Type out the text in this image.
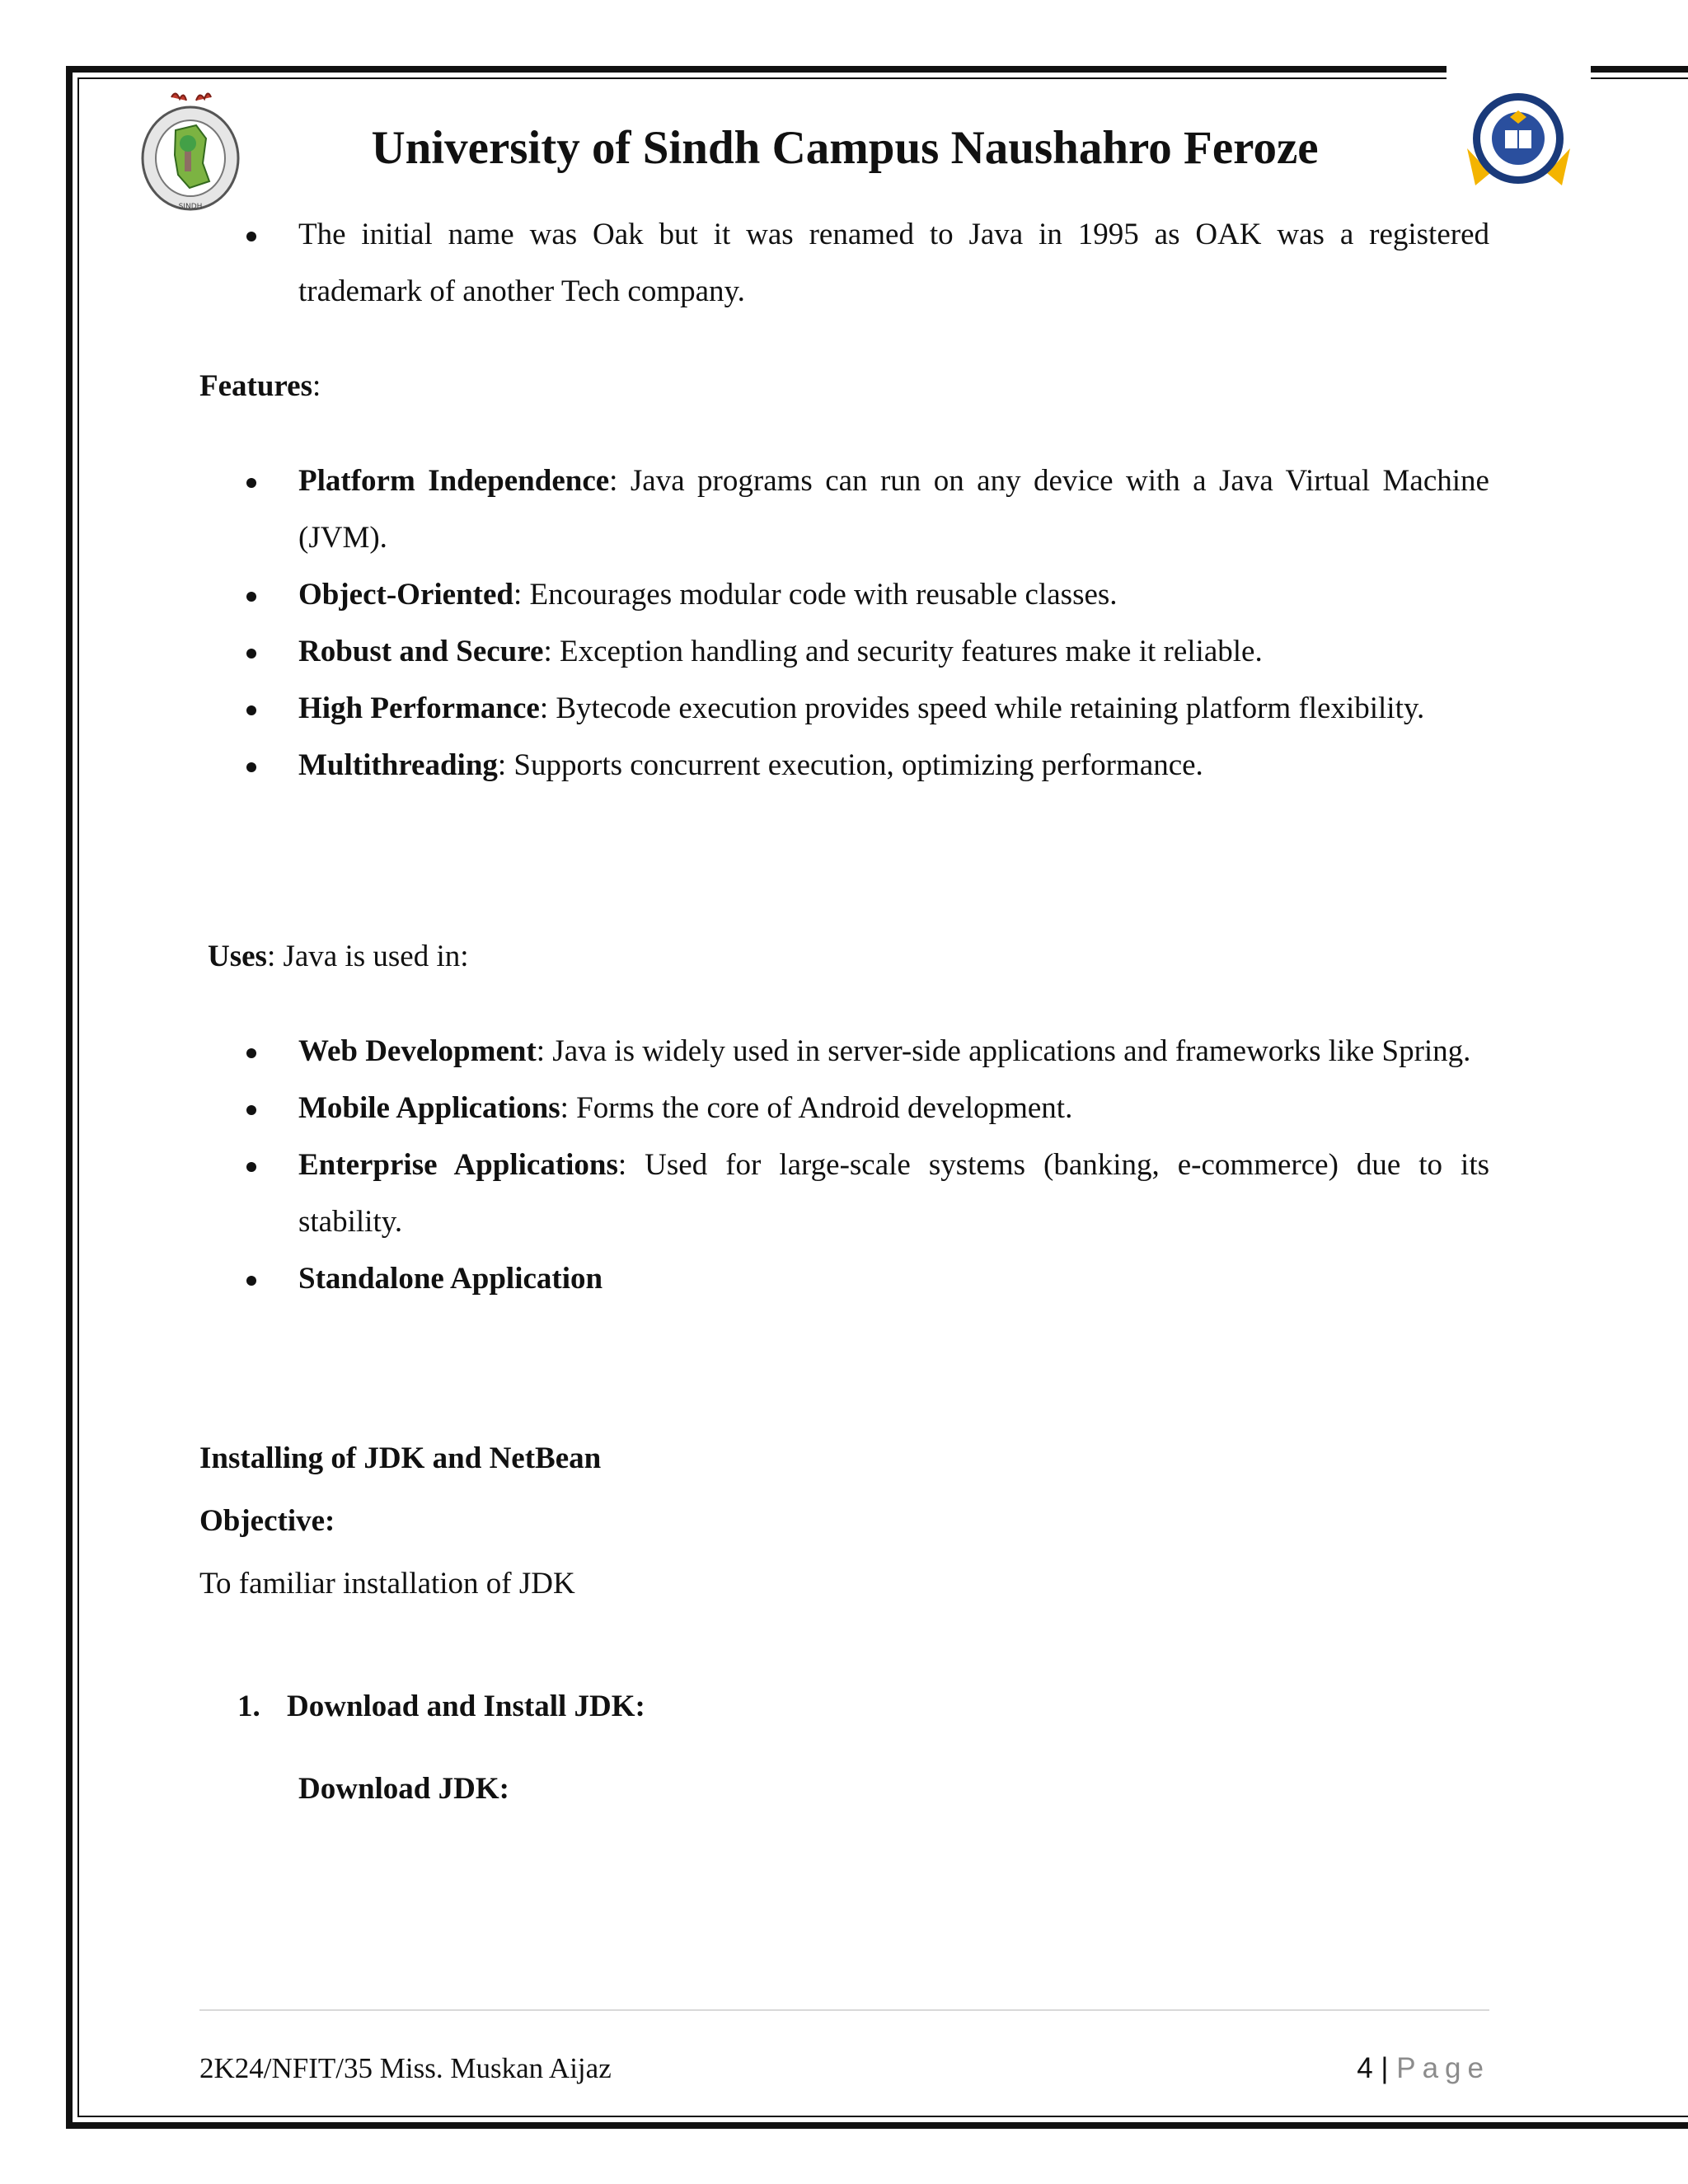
SINDH
University of Sindh Campus Naushahro Feroze
The initial name was Oak but it was renamed to Java in 1995 as OAK was a registered
trademark of another Tech company.
Features:
Platform Independence: Java programs can run on any device with a Java Virtual Machine (JVM).
Object-Oriented: Encourages modular code with reusable classes.
Robust and Secure: Exception handling and security features make it reliable.
High Performance: Bytecode execution provides speed while retaining platform flexibility.
Multithreading: Supports concurrent execution, optimizing performance.
Uses: Java is used in:
Web Development: Java is widely used in server-side applications and frameworks like Spring.
Mobile Applications: Forms the core of Android development.
Enterprise Applications: Used for large-scale systems (banking, e-commerce) due to its stability.
Standalone Application
Installing of JDK and NetBean
Objective:
To familiar installation of JDK
1. Download and Install JDK:
Download JDK:
2K24/NFIT/35 Miss. Muskan Aijaz	4 | Page
